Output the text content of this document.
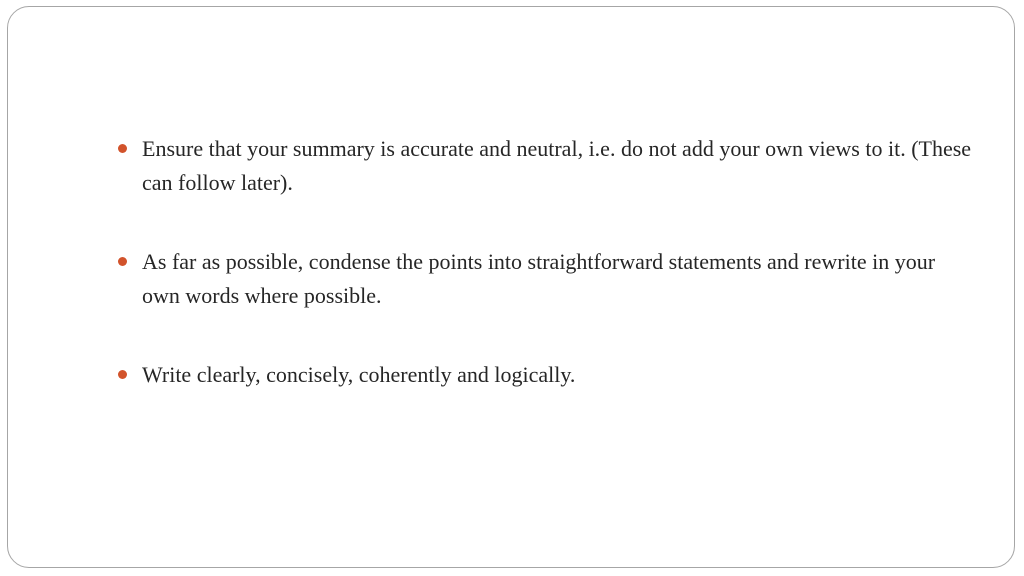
Ensure that your summary is accurate and neutral, i.e. do not add your own views to it. (These can follow later).
As far as possible, condense the points into straightforward statements and rewrite in your own words where possible.
Write clearly, concisely, coherently and logically.
